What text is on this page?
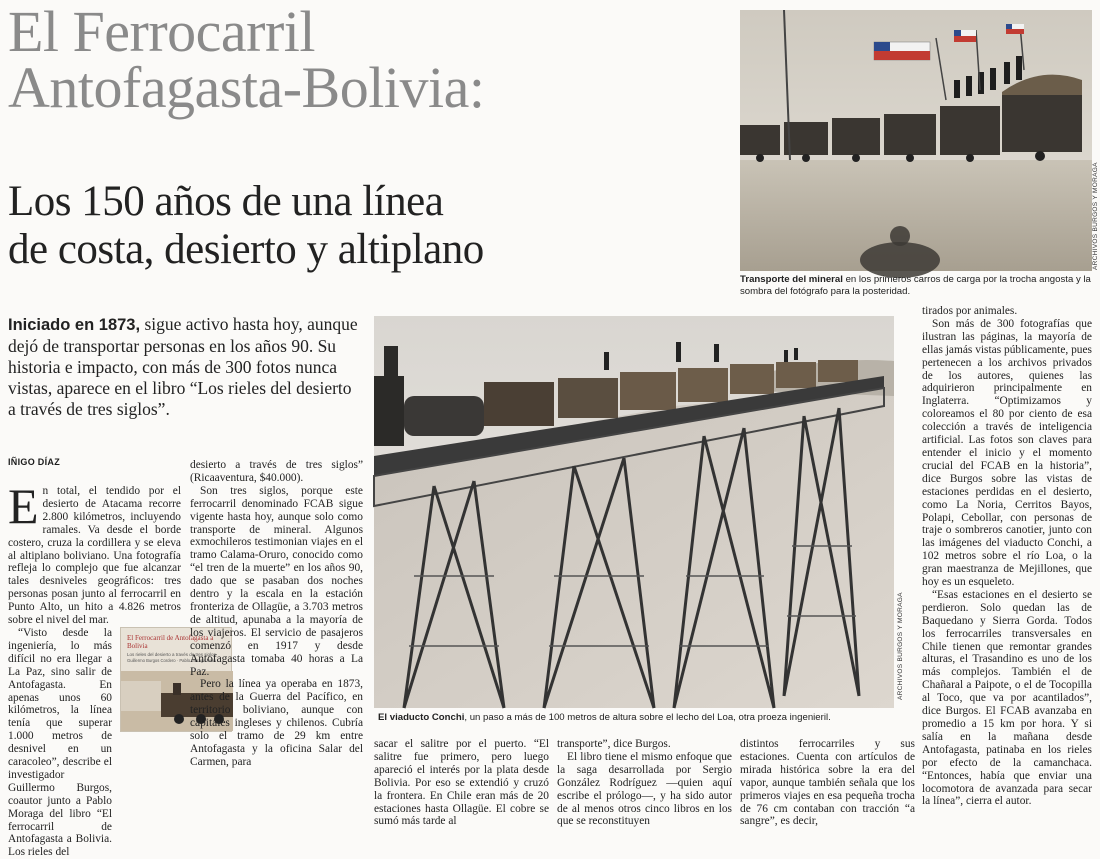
El Ferrocarril
Antofagasta-Bolivia:
Los 150 años de una línea
de costa, desierto y altiplano	ARCHIVOS BURGOS Y MORAGA
Transporte del mineral en los primeros carros de carga por la trocha angosta y la sombra del fotógrafo para la posteridad.
Iniciado en 1873, sigue activo hasta hoy, aunque dejó de transportar personas en los años 90. Su historia e impacto, con más de 300 fotos nunca vistas, aparece en el libro “Los rieles del desierto a través de tres siglos”.
IÑIGO DÍAZ
ARCHIVOS BURGOS Y MORAGA
El viaducto Conchi, un paso a más de 100 metros de altura sobre el lecho del Loa, otra proeza ingenieril.
El Ferrocarril de Antofagasta a Bolivia
Los rieles del desierto a través de tres siglos
Guillermo Burgos Cordero · Pablo Moraga Feliú

En total, el tendido por el desierto de Atacama recorre 2.800 kilómetros, incluyendo ramales. Va desde el borde costero, cruza la cordillera y se eleva al altiplano boliviano. Una fotografía refleja lo complejo que fue alcanzar tales desniveles geográficos: tres personas posan junto al ferrocarril en Punto Alto, un hito a 4.826 metros sobre el nivel del mar.

“Visto desde la ingeniería, lo más difícil no era llegar a La Paz, sino salir de Antofagasta. En apenas unos 60 kilómetros, la línea tenía que superar 1.000 metros de desnivel en un caracoleo”, describe el investigador Guillermo Burgos, coautor junto a Pablo Moraga del libro “El ferrocarril de Antofagasta a Bolivia. Los rieles del

desierto a través de tres siglos” (Ricaaventura, $40.000).

Son tres siglos, porque este ferrocarril denominado FCAB sigue vigente hasta hoy, aunque solo como transporte de mineral. Algunos exmochileros testimonian viajes en el tramo Calama-Oruro, conocido como “el tren de la muerte” en los años 90, dado que se pasaban dos noches dentro y la escala en la estación fronteriza de Ollagüe, a 3.703 metros de altitud, apunaba a la mayoría de los viajeros. El servicio de pasajeros comenzó en 1917 y desde Antofagasta tomaba 40 horas a La Paz.

Pero la línea ya operaba en 1873, antes de la Guerra del Pacífico, en territorio boliviano, aunque con capitales ingleses y chilenos. Cubría solo el tramo de 29 km entre Antofagasta y la oficina Salar del Carmen, para

sacar el salitre por el puerto. “El salitre fue primero, pero luego apareció el interés por la plata desde Bolivia. Por eso se extendió y cruzó la frontera. En Chile eran más de 20 estaciones hasta Ollagüe. El cobre se sumó más tarde al

transporte”, dice Burgos.

El libro tiene el mismo enfoque que la saga desarrollada por Sergio González Rodríguez —quien aquí escribe el prólogo—, y ha sido autor de al menos otros cinco libros en los que se reconstituyen

distintos ferrocarriles y sus estaciones. Cuenta con artículos de mirada histórica sobre la era del vapor, aunque también señala que los primeros viajes en esa pequeña trocha de 76 cm contaban con tracción “a sangre”, es decir,

tirados por animales.

Son más de 300 fotografías que ilustran las páginas, la mayoría de ellas jamás vistas públicamente, pues pertenecen a los archivos privados de los autores, quienes las adquirieron principalmente en Inglaterra. “Optimizamos y coloreamos el 80 por ciento de esa colección a través de inteligencia artificial. Las fotos son claves para entender el inicio y el momento crucial del FCAB en la historia”, dice Burgos sobre las vistas de estaciones perdidas en el desierto, como La Noria, Cerritos Bayos, Polapi, Cebollar, con personas de traje o sombreros canotier, junto con las imágenes del viaducto Conchi, a 102 metros sobre el río Loa, o la gran maestranza de Mejillones, que hoy es un esqueleto.

“Esas estaciones en el desierto se perdieron. Solo quedan las de Baquedano y Sierra Gorda. Todos los ferrocarriles transversales en Chile tienen que remontar grandes alturas, el Trasandino es uno de los más complejos. También el de Chañaral a Paipote, o el de Tocopilla al Toco, que va por acantilados”, dice Burgos. El FCAB avanzaba en promedio a 15 km por hora. Y si salía en la mañana desde Antofagasta, patinaba en los rieles por efecto de la camanchaca. “Entonces, había que enviar una locomotora de avanzada para secar la línea”, cierra el autor.
